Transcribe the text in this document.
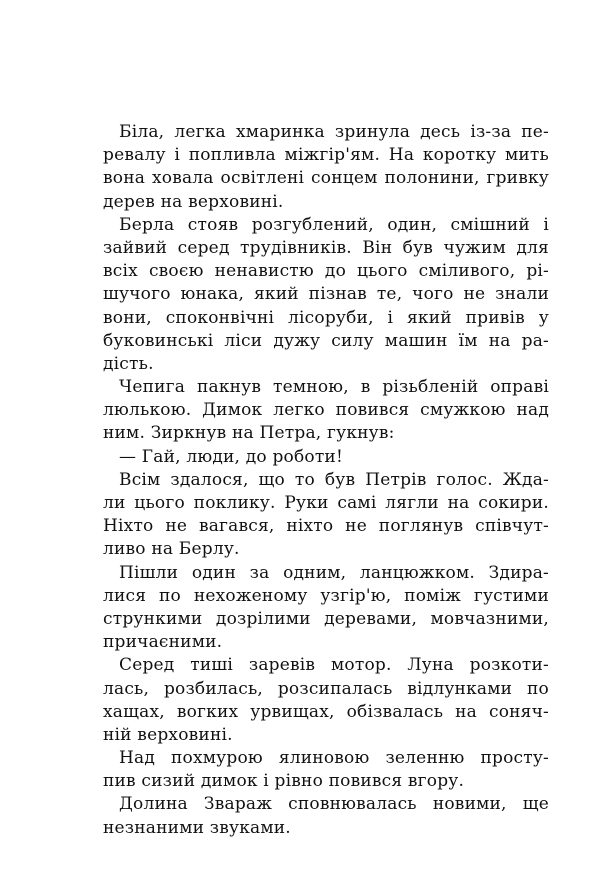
Біла, легка хмаринка зринула десь із-за пе-
ревалу і попливла міжгір'ям. На коротку мить
вона ховала освітлені сонцем полонини, гривку
дерев на верховині.
Берла стояв розгублений, один, смішний і
зайвий серед трудівників. Він був чужим для
всіх своєю ненавистю до цього сміливого, рі-
шучого юнака, який пізнав те, чого не знали
вони, споконвічні лісоруби, і який привів у
буковинські ліси дужу силу машин їм на ра-
дість.
Чепига пакнув темною, в різьбленій оправі
люлькою. Димок легко повився смужкою над
ним. Зиркнув на Петра, гукнув:
— Гай, люди, до роботи!
Всім здалося, що то був Петрів голос. Ждa-
ли цього поклику. Руки самі лягли на сокири.
Ніхто не вагався, ніхто не поглянув співчут-
ливо на Берлу.
Пішли один за одним, ланцюжком. Здира-
лися по нехоженому узгір'ю, поміж густими
стрункими дозрілими деревами, мовчазними,
причаєними.
Серед тиші заревів мотор. Луна розкоти-
лась, розбилась, розсипалась відлунками по
хащах, вогких урвищах, обізвалась на соняч-
ній верховині.
Над похмурою ялиновою зеленню просту-
пив сизий димок і рівно повився вгору.
Долина Зварaж сповнювалась новими, ще
незнаними звуками.
